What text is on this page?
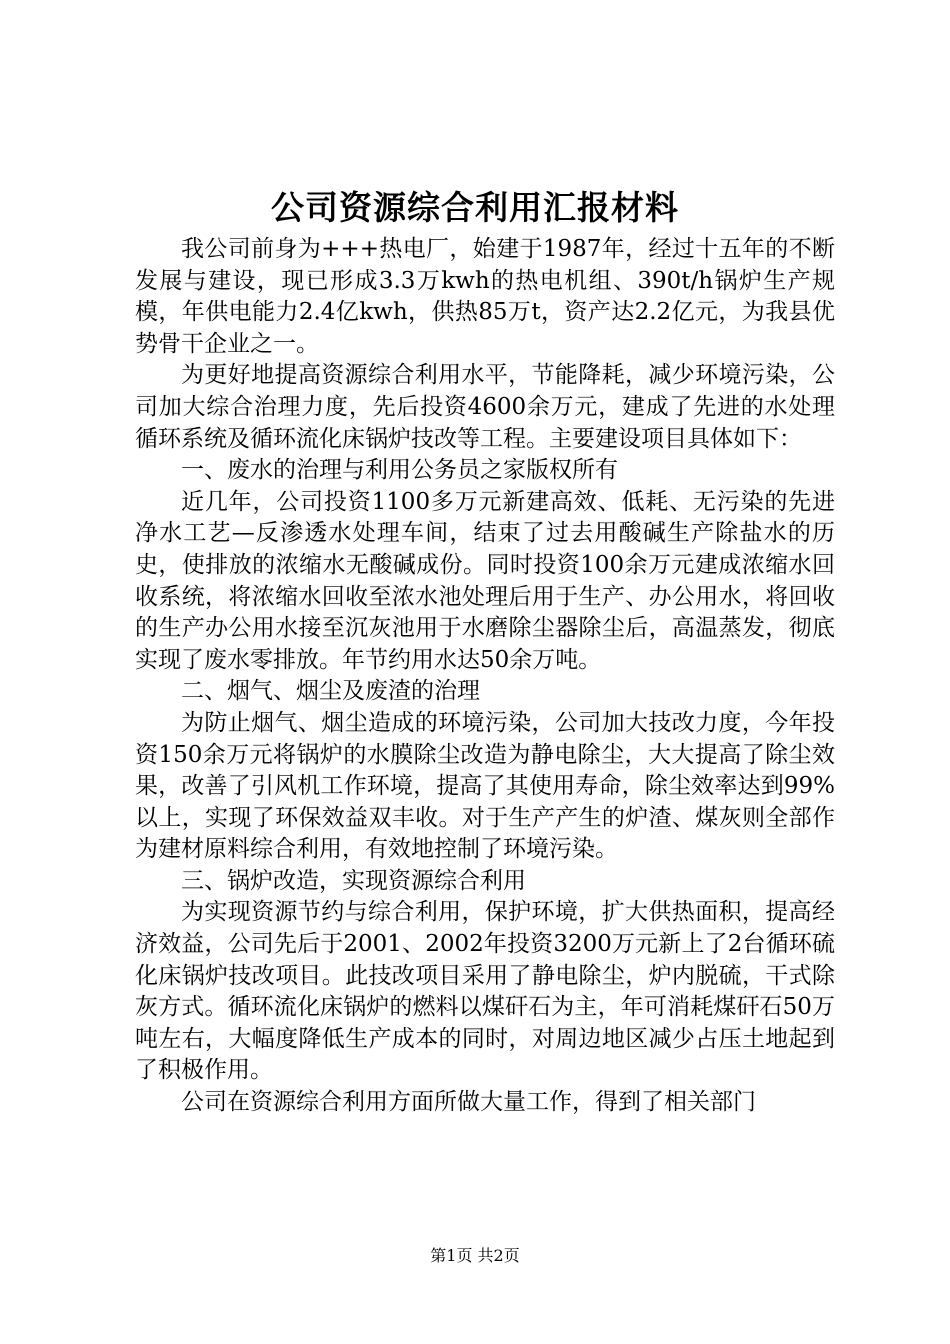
公司资源综合利用汇报材料

我公司前身为+++热电厂，始建于1987年，经过十五年的不断发展与建设，现已形成3.3万kwh的热电机组、390t/h锅炉生产规模，年供电能力2.4亿kwh，供热85万t，资产达2.2亿元，为我县优势骨干企业之一。

为更好地提高资源综合利用水平，节能降耗，减少环境污染，公司加大综合治理力度，先后投资4600余万元，建成了先进的水处理循环系统及循环流化床锅炉技改等工程。主要建设项目具体如下：

一、废水的治理与利用公务员之家版权所有

近几年，公司投资1100多万元新建高效、低耗、无污染的先进净水工艺—反渗透水处理车间，结束了过去用酸碱生产除盐水的历史，使排放的浓缩水无酸碱成份。同时投资100余万元建成浓缩水回收系统，将浓缩水回收至浓水池处理后用于生产、办公用水，将回收的生产办公用水接至沉灰池用于水磨除尘器除尘后，高温蒸发，彻底实现了废水零排放。年节约用水达50余万吨。

二、烟气、烟尘及废渣的治理

为防止烟气、烟尘造成的环境污染，公司加大技改力度，今年投资150余万元将锅炉的水膜除尘改造为静电除尘，大大提高了除尘效果，改善了引风机工作环境，提高了其使用寿命，除尘效率达到99%以上，实现了环保效益双丰收。对于生产产生的炉渣、煤灰则全部作为建材原料综合利用，有效地控制了环境污染。

三、锅炉改造，实现资源综合利用

为实现资源节约与综合利用，保护环境，扩大供热面积，提高经济效益，公司先后于2001、2002年投资3200万元新上了2台循环硫化床锅炉技改项目。此技改项目采用了静电除尘，炉内脱硫，干式除灰方式。循环流化床锅炉的燃料以煤矸石为主，年可消耗煤矸石50万吨左右，大幅度降低生产成本的同时，对周边地区减少占压土地起到了积极作用。

公司在资源综合利用方面所做大量工作，得到了相关部门

第1页 共2页
